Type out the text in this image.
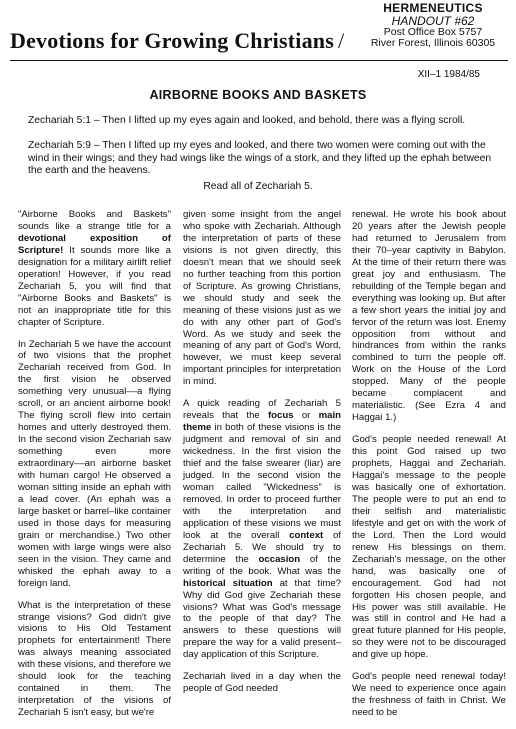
Devotions for Growing Christians /
HERMENEUTICS
HANDOUT #62
Post Office Box 5757
River Forest, Illinois 60305
XII–1 1984/85
AIRBORNE BOOKS AND BASKETS
Zechariah 5:1 – Then I lifted up my eyes again and looked, and behold, there was a flying scroll.
Zechariah 5:9 – Then I lifted up my eyes and looked, and there two women were coming out with the wind in their wings; and they had wings like the wings of a stork, and they lifted up the ephah between the earth and the heavens.
Read all of Zechariah 5.

"Airborne Books and Baskets" sounds like a strange title for a devotional exposition of Scripture! It sounds more like a designation for a military airlift relief operation! However, if you read Zechariah 5, you will find that "Airborne Books and Baskets" is not an inappropriate title for this chapter of Scripture.

In Zechariah 5 we have the account of two visions that the prophet Zechariah received from God. In the first vision he observed something very unusual––a flying scroll, or an ancient airborne book! The flying scroll flew into certain homes and utterly destroyed them. In the second vision Zechariah saw something even more extraordinary––an airborne basket with human cargo! He observed a woman sitting inside an ephah with a lead cover. (An ephah was a large basket or barrel–like container used in those days for measuring grain or merchandise.) Two other women with large wings were also seen in the vision. They came and whisked the ephah away to a foreign land.

What is the interpretation of these strange visions? God didn't give visions to His Old Testament prophets for entertainment! There was always meaning associated with these visions, and therefore we should look for the teaching contained in them. The interpretation of the visions of Zechariah 5 isn't easy, but we're

given some insight from the angel who spoke with Zechariah. Although the interpretation of parts of these visions is not given directly, this doesn't mean that we should seek no further teaching from this portion of Scripture. As growing Christians, we should study and seek the meaning of these visions just as we do with any other part of God's Word. As we study and seek the meaning of any part of God's Word, however, we must keep several important principles for interpretation in mind.

A quick reading of Zechariah 5 reveals that the focus or main theme in both of these visions is the judgment and removal of sin and wickedness. In the first vision the thief and the false swearer (liar) are judged. In the second vision the woman called "Wickedness" is removed. In order to proceed further with the interpretation and application of these visions we must look at the overall context of Zechariah 5. We should try to determine the occasion of the writing of the book. What was the historical situation at that time? Why did God give Zechariah these visions? What was God's message to the people of that day? The answers to these questions will prepare the way for a valid present–day application of this Scripture.

Zechariah lived in a day when the people of God needed

renewal. He wrote his book about 20 years after the Jewish people had returned to Jerusalem from their 70–year captivity in Babylon. At the time of their return there was great joy and enthusiasm. The rebuilding of the Temple began and everything was looking up. But after a few short years the initial joy and fervor of the return was lost. Enemy opposition from without and hindrances from within the ranks combined to turn the people off. Work on the House of the Lord stopped. Many of the people became complacent and materialistic. (See Ezra 4 and Haggai 1.)

God's people needed renewal! At this point God raised up two prophets, Haggai and Zechariah. Haggai's message to the people was basically one of exhortation. The people were to put an end to their selfish and materialistic lifestyle and get on with the work of the Lord. Then the Lord would renew His blessings on them. Zechariah's message, on the other hand, was basically one of encouragement. God had not forgotten His chosen people, and His power was still available. He was still in control and He had a great future planned for His people, so they were not to be discouraged and give up hope.

God's people need renewal today! We need to experience once again the freshness of faith in Christ. We need to be
